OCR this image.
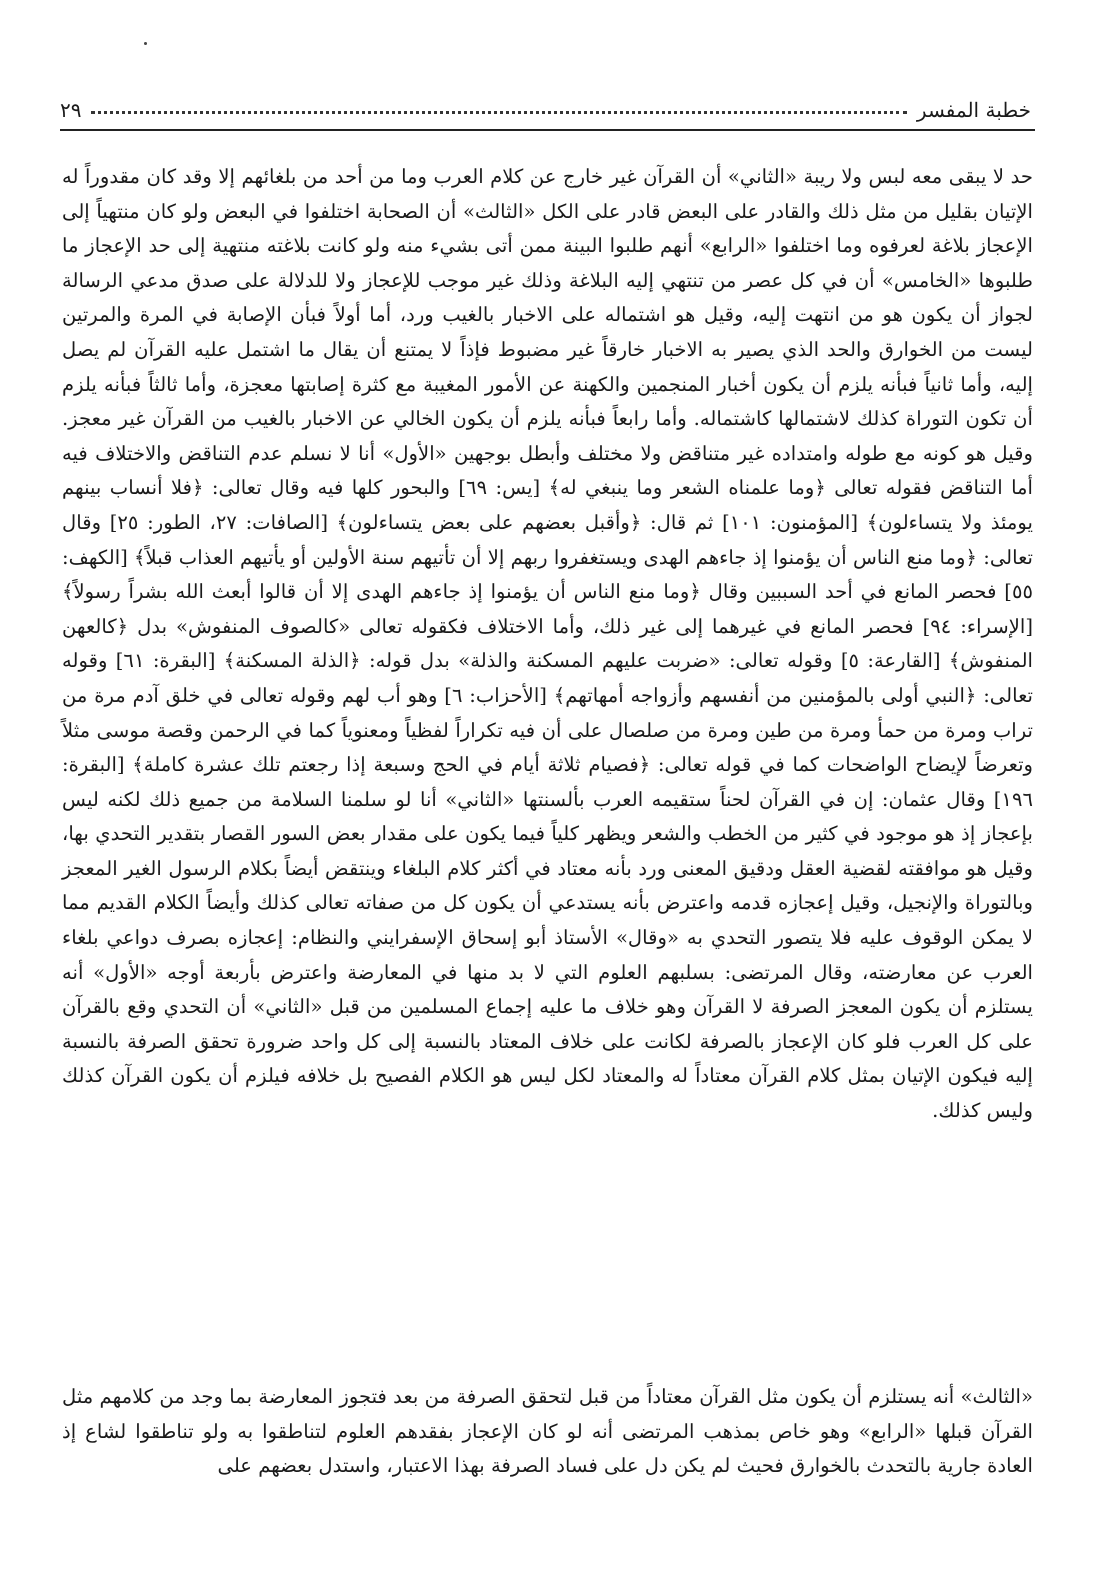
خطبة المفسر
٢٩

حد لا يبقى معه لبس ولا ريبة «الثاني» أن القرآن غير خارج عن كلام العرب وما من أحد من بلغائهم إلا وقد كان مقدوراً له الإتيان بقليل من مثل ذلك والقادر على البعض قادر على الكل «الثالث» أن الصحابة اختلفوا في البعض ولو كان منتهياً إلى الإعجاز بلاغة لعرفوه وما اختلفوا «الرابع» أنهم طلبوا البينة ممن أتى بشيء منه ولو كانت بلاغته منتهية إلى حد الإعجاز ما طلبوها «الخامس» أن في كل عصر من تنتهي إليه البلاغة وذلك غير موجب للإعجاز ولا للدلالة على صدق مدعي الرسالة لجواز أن يكون هو من انتهت إليه، وقيل هو اشتماله على الاخبار بالغيب ورد، أما أولاً فبأن الإصابة في المرة والمرتين ليست من الخوارق والحد الذي يصير به الاخبار خارقاً غير مضبوط فإذاً لا يمتنع أن يقال ما اشتمل عليه القرآن لم يصل إليه، وأما ثانياً فبأنه يلزم أن يكون أخبار المنجمين والكهنة عن الأمور المغيبة مع كثرة إصابتها معجزة، وأما ثالثاً فبأنه يلزم أن تكون التوراة كذلك لاشتمالها كاشتماله. وأما رابعاً فبأنه يلزم أن يكون الخالي عن الاخبار بالغيب من القرآن غير معجز. وقيل هو كونه مع طوله وامتداده غير متناقض ولا مختلف وأبطل بوجهين «الأول» أنا لا نسلم عدم التناقض والاختلاف فيه أما التناقض فقوله تعالى ﴿وما علمناه الشعر وما ينبغي له﴾ [يس: ٦٩] والبحور كلها فيه وقال تعالى: ﴿فلا أنساب بينهم يومئذ ولا يتساءلون﴾ [المؤمنون: ١٠١] ثم قال: ﴿وأقبل بعضهم على بعض يتساءلون﴾ [الصافات: ٢٧، الطور: ٢٥] وقال تعالى: ﴿وما منع الناس أن يؤمنوا إذ جاءهم الهدى ويستغفروا ربهم إلا أن تأتيهم سنة الأولين أو يأتيهم العذاب قبلاً﴾ [الكهف: ٥٥] فحصر المانع في أحد السببين وقال ﴿وما منع الناس أن يؤمنوا إذ جاءهم الهدى إلا أن قالوا أبعث الله بشراً رسولاً﴾ [الإسراء: ٩٤] فحصر المانع في غيرهما إلى غير ذلك، وأما الاختلاف فكقوله تعالى «كالصوف المنفوش» بدل ﴿كالعهن المنفوش﴾ [القارعة: ٥] وقوله تعالى: «ضربت عليهم المسكنة والذلة» بدل قوله: ﴿الذلة المسكنة﴾ [البقرة: ٦١] وقوله تعالى: ﴿النبي أولى بالمؤمنين من أنفسهم وأزواجه أمهاتهم﴾ [الأحزاب: ٦] وهو أب لهم وقوله تعالى في خلق آدم مرة من تراب ومرة من حمأ ومرة من طين ومرة من صلصال على أن فيه تكراراً لفظياً ومعنوياً كما في الرحمن وقصة موسى مثلاً وتعرضاً لإيضاح الواضحات كما في قوله تعالى: ﴿فصيام ثلاثة أيام في الحج وسبعة إذا رجعتم تلك عشرة كاملة﴾ [البقرة: ١٩٦] وقال عثمان: إن في القرآن لحناً ستقيمه العرب بألسنتها «الثاني» أنا لو سلمنا السلامة من جميع ذلك لكنه ليس بإعجاز إذ هو موجود في كثير من الخطب والشعر ويظهر كلياً فيما يكون على مقدار بعض السور القصار بتقدير التحدي بها، وقيل هو موافقته لقضية العقل ودقيق المعنى ورد بأنه معتاد في أكثر كلام البلغاء وينتقض أيضاً بكلام الرسول الغير المعجز وبالتوراة والإنجيل، وقيل إعجازه قدمه واعترض بأنه يستدعي أن يكون كل من صفاته تعالى كذلك وأيضاً الكلام القديم مما لا يمكن الوقوف عليه فلا يتصور التحدي به «وقال» الأستاذ أبو إسحاق الإسفرايني والنظام: إعجازه بصرف دواعي بلغاء العرب عن معارضته، وقال المرتضى: بسلبهم العلوم التي لا بد منها في المعارضة واعترض بأربعة أوجه «الأول» أنه يستلزم أن يكون المعجز الصرفة لا القرآن وهو خلاف ما عليه إجماع المسلمين من قبل «الثاني» أن التحدي وقع بالقرآن على كل العرب فلو كان الإعجاز بالصرفة لكانت على خلاف المعتاد بالنسبة إلى كل واحد ضرورة تحقق الصرفة بالنسبة إليه فيكون الإتيان بمثل كلام القرآن معتاداً له والمعتاد لكل ليس هو الكلام الفصيح بل خلافه فيلزم أن يكون القرآن كذلك وليس كذلك.

«الثالث» أنه يستلزم أن يكون مثل القرآن معتاداً من قبل لتحقق الصرفة من بعد فتجوز المعارضة بما وجد من كلامهم مثل القرآن قبلها «الرابع» وهو خاص بمذهب المرتضى أنه لو كان الإعجاز بفقدهم العلوم لتناطقوا به ولو تناطقوا لشاع إذ العادة جارية بالتحدث بالخوارق فحيث لم يكن دل على فساد الصرفة بهذا الاعتبار، واستدل بعضهم على
